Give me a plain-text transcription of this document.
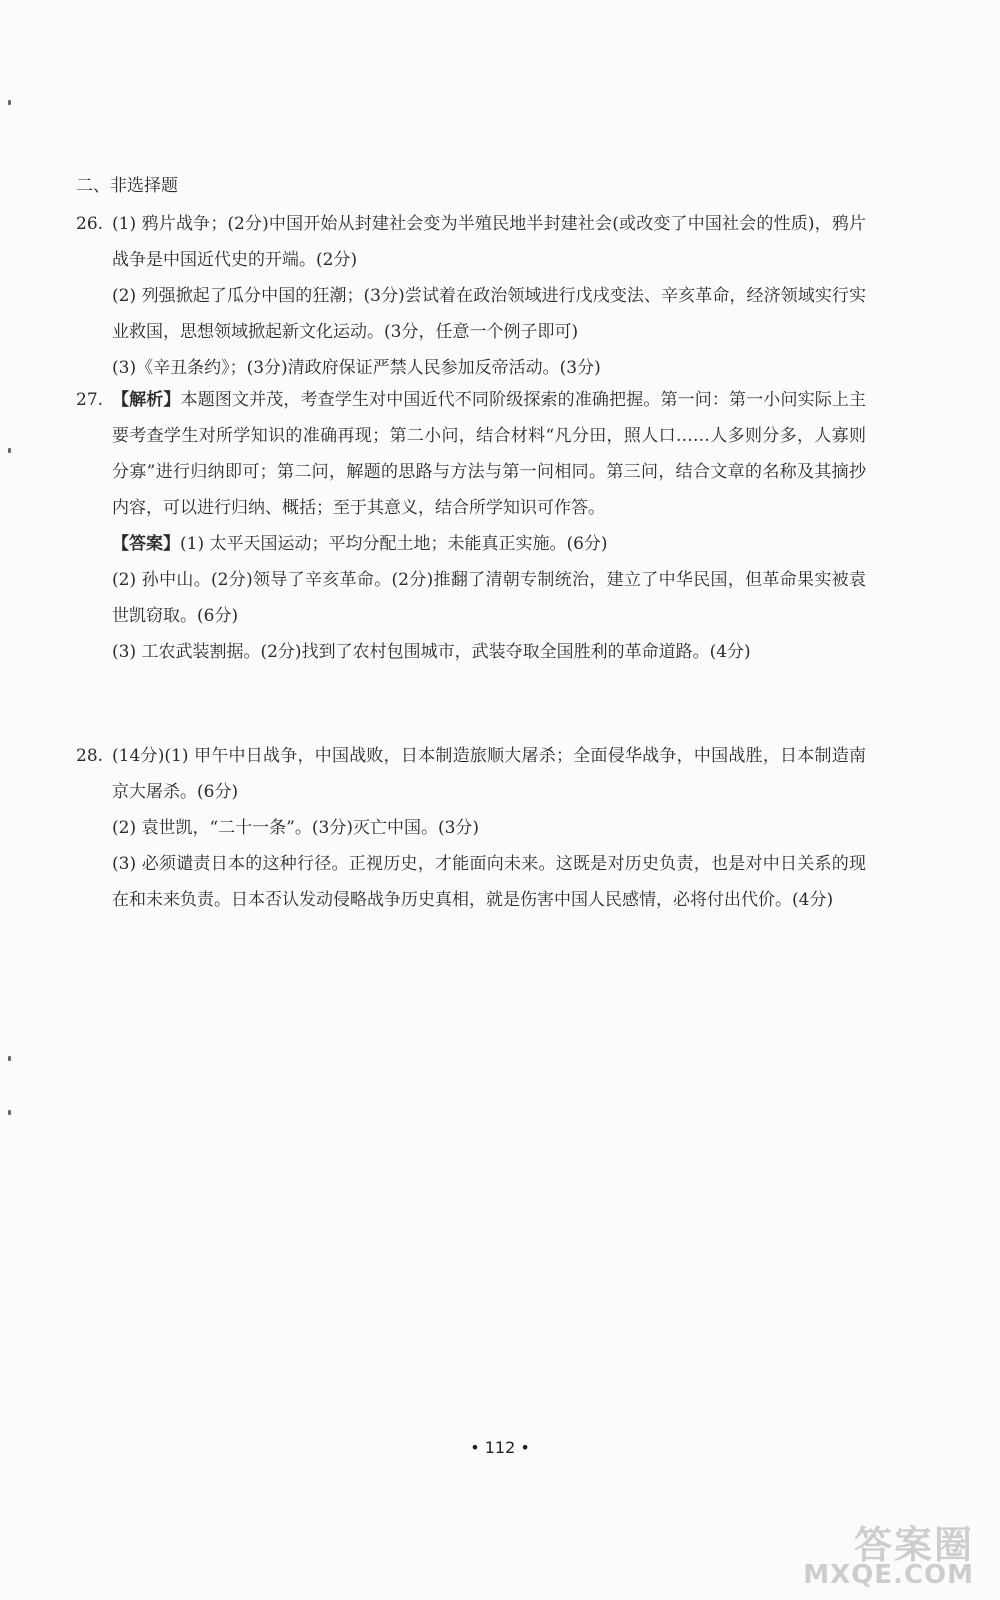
二、非选择题
26. (1) 鸦片战争；(2分)中国开始从封建社会变为半殖民地半封建社会(或改变了中国社会的性质)，鸦片战争是中国近代史的开端。(2分)

(2) 列强掀起了瓜分中国的狂潮；(3分)尝试着在政治领域进行戊戌变法、辛亥革命，经济领域实行实业救国，思想领域掀起新文化运动。(3分，任意一个例子即可)

(3)《辛丑条约》；(3分)清政府保证严禁人民参加反帝活动。(3分)

27. 【解析】本题图文并茂，考查学生对中国近代不同阶级探索的准确把握。第一问：第一小问实际上主要考查学生对所学知识的准确再现；第二小问，结合材料“凡分田，照人口……人多则分多，人寡则分寡”进行归纳即可；第二问，解题的思路与方法与第一问相同。第三问，结合文章的名称及其摘抄内容，可以进行归纳、概括；至于其意义，结合所学知识可作答。

【答案】(1) 太平天国运动；平均分配土地；未能真正实施。(6分)

(2) 孙中山。(2分)领导了辛亥革命。(2分)推翻了清朝专制统治，建立了中华民国，但革命果实被袁世凯窃取。(6分)

(3) 工农武装割据。(2分)找到了农村包围城市，武装夺取全国胜利的革命道路。(4分)

28. (14分)(1) 甲午中日战争，中国战败，日本制造旅顺大屠杀；全面侵华战争，中国战胜，日本制造南京大屠杀。(6分)

(2) 袁世凯，“二十一条”。(3分)灭亡中国。(3分)

(3) 必须谴责日本的这种行径。正视历史，才能面向未来。这既是对历史负责，也是对中日关系的现在和未来负责。日本否认发动侵略战争历史真相，就是伤害中国人民感情，必将付出代价。(4分)

• 112 •
答案圈
MXQE.COM
